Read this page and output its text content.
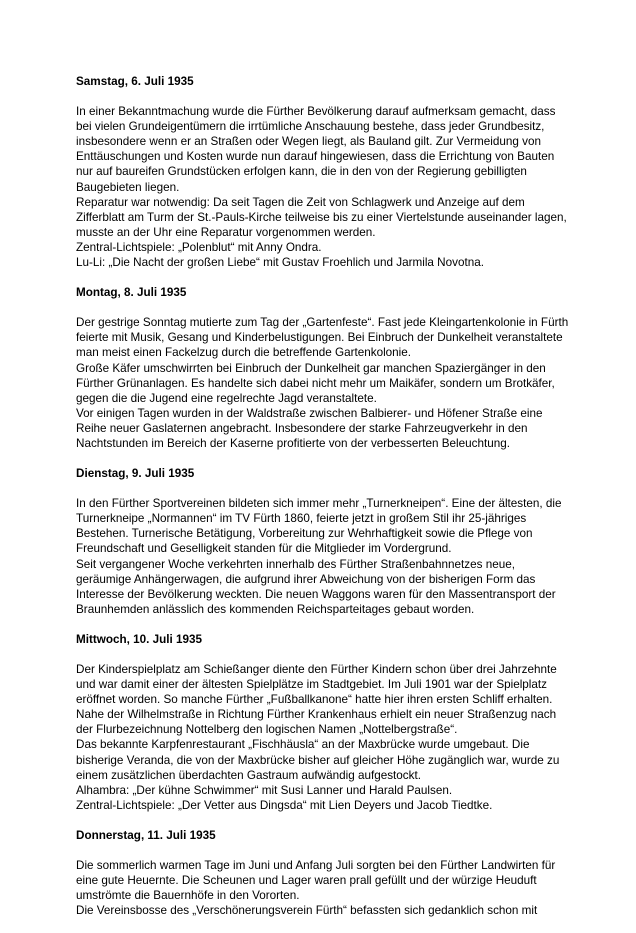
Samstag, 6. Juli 1935

In einer Bekanntmachung wurde die Fürther Bevölkerung darauf aufmerksam gemacht, dass bei vielen Grundeigentümern die irrtümliche Anschauung bestehe, dass jeder Grundbesitz, insbesondere wenn er an Straßen oder Wegen liegt, als Bauland gilt. Zur Vermeidung von Enttäuschungen und Kosten wurde nun darauf hingewiesen, dass die Errichtung von Bauten nur auf baureifen Grundstücken erfolgen kann, die in den von der Regierung gebilligten Baugebieten liegen.

Reparatur war notwendig: Da seit Tagen die Zeit von Schlagwerk und Anzeige auf dem Zifferblatt am Turm der St.-Pauls-Kirche teilweise bis zu einer Viertelstunde auseinander lagen, musste an der Uhr eine Reparatur vorgenommen werden.

Zentral-Lichtspiele: „Polenblut“ mit Anny Ondra.

Lu-Li: „Die Nacht der großen Liebe“ mit Gustav Froehlich und Jarmila Novotna.

Montag, 8. Juli 1935

Der gestrige Sonntag mutierte zum Tag der „Gartenfeste“. Fast jede Kleingartenkolonie in Fürth feierte mit Musik, Gesang und Kinderbelustigungen. Bei Einbruch der Dunkelheit veranstaltete man meist einen Fackelzug durch die betreffende Gartenkolonie.

Große Käfer umschwirrten bei Einbruch der Dunkelheit gar manchen Spaziergänger in den Fürther Grünanlagen. Es handelte sich dabei nicht mehr um Maikäfer, sondern um Brotkäfer, gegen die die Jugend eine regelrechte Jagd veranstaltete.

Vor einigen Tagen wurden in der Waldstraße zwischen Balbierer- und Höfener Straße eine Reihe neuer Gaslaternen angebracht. Insbesondere der starke Fahrzeugverkehr in den Nachtstunden im Bereich der Kaserne profitierte von der verbesserten Beleuchtung.

Dienstag, 9. Juli 1935

In den Fürther Sportvereinen bildeten sich immer mehr „Turnerkneipen“. Eine der ältesten, die Turnerkneipe „Normannen“ im TV Fürth 1860, feierte jetzt in großem Stil ihr 25-jähriges Bestehen. Turnerische Betätigung, Vorbereitung zur Wehrhaftigkeit sowie die Pflege von Freundschaft und Geselligkeit standen für die Mitglieder im Vordergrund.

Seit vergangener Woche verkehrten innerhalb des Fürther Straßenbahnnetzes neue, geräumige Anhängerwagen, die aufgrund ihrer Abweichung von der bisherigen Form das Interesse der Bevölkerung weckten. Die neuen Waggons waren für den Massentransport der Braunhemden anlässlich des kommenden Reichsparteitages gebaut worden.

Mittwoch, 10. Juli 1935

Der Kinderspielplatz am Schießanger diente den Fürther Kindern schon über drei Jahrzehnte und war damit einer der ältesten Spielplätze im Stadtgebiet. Im Juli 1901 war der Spielplatz eröffnet worden. So manche Fürther „Fußballkanone“ hatte hier ihren ersten Schliff erhalten.

Nahe der Wilhelmstraße in Richtung Fürther Krankenhaus erhielt ein neuer Straßenzug nach der Flurbezeichnung Nottelberg den logischen Namen „Nottelbergstraße“.

Das bekannte Karpfenrestaurant „Fischhäusla“ an der Maxbrücke wurde umgebaut. Die bisherige Veranda, die von der Maxbrücke bisher auf gleicher Höhe zugänglich war, wurde zu einem zusätzlichen überdachten Gastraum aufwändig aufgestockt.

Alhambra: „Der kühne Schwimmer“ mit Susi Lanner und Harald Paulsen.

Zentral-Lichtspiele: „Der Vetter aus Dingsda“ mit Lien Deyers und Jacob Tiedtke.

Donnerstag, 11. Juli 1935

Die sommerlich warmen Tage im Juni und Anfang Juli sorgten bei den Fürther Landwirten für eine gute Heuernte. Die Scheunen und Lager waren prall gefüllt und der würzige Heuduft umströmte die Bauernhöfe in den Vororten.

Die Vereinsbosse des „Verschönerungsverein Fürth“ befassten sich gedanklich schon mit
